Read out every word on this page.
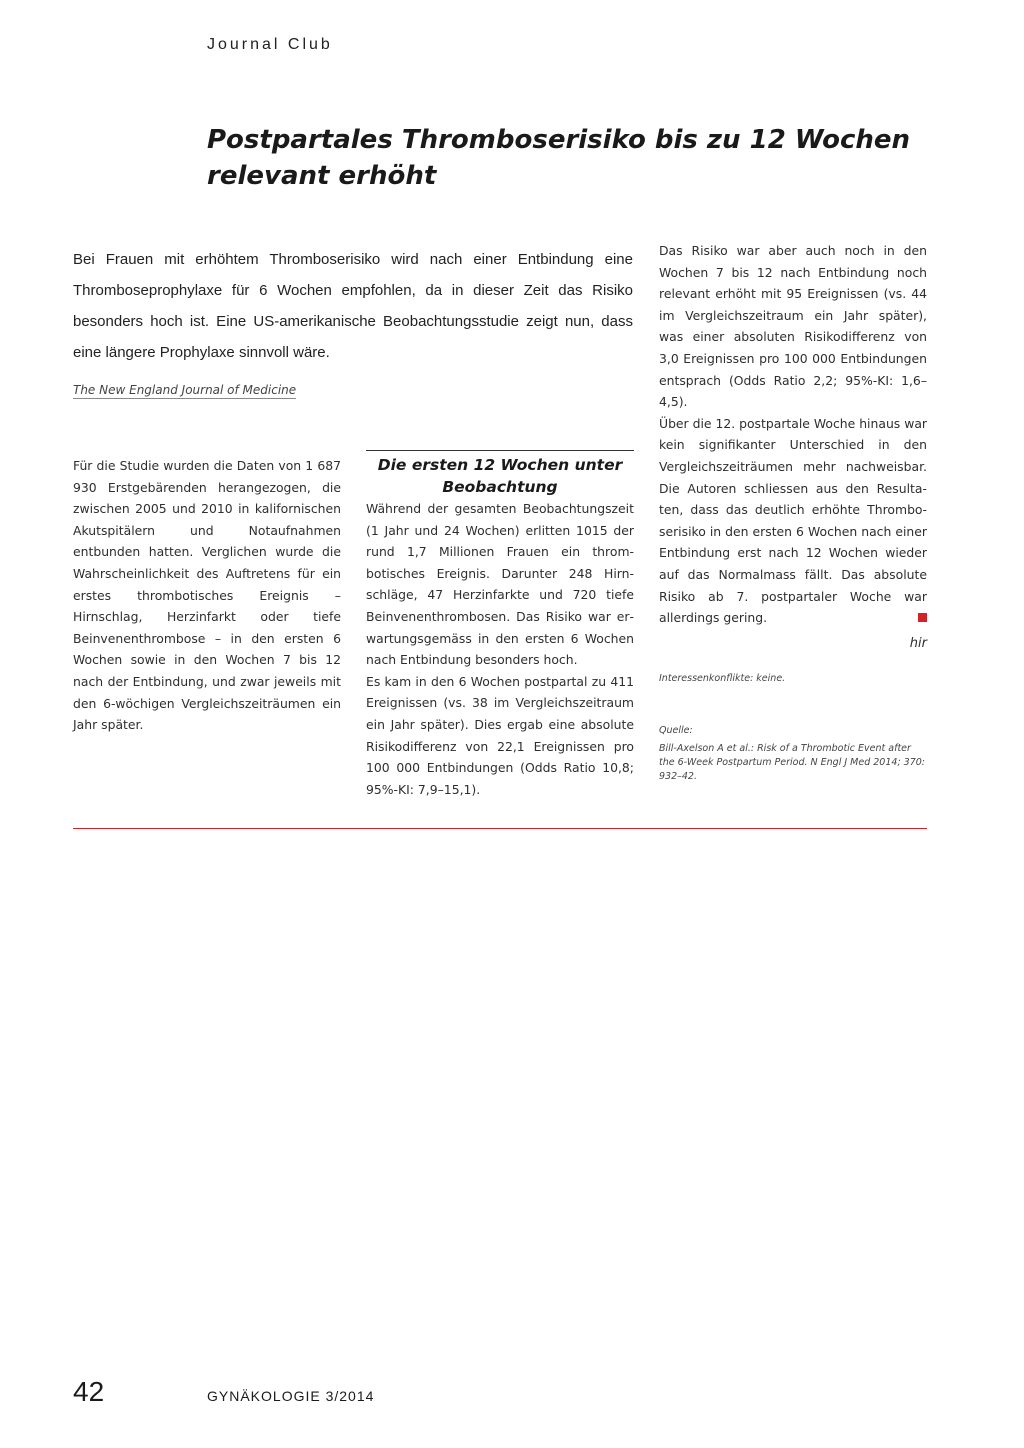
Journal Club
Postpartales Thromboserisiko bis zu 12 Wochen relevant erhöht

Bei Frauen mit erhöhtem Thromboserisiko wird nach einer Entbindung eine Thromboseprophylaxe für 6 Wochen empfohlen, da in dieser Zeit das Risiko besonders hoch ist. Eine US-amerikanische Beobachtungsstudie zeigt nun, dass eine längere Prophylaxe sinnvoll wäre.

The New England Journal of Medicine

Für die Studie wurden die Daten von 1 687 930 Erstgebärenden herangezogen, die zwischen 2005 und 2010 in kalifornischen Akutspitälern und Notaufnahmen entbunden hatten. Verglichen wurde die Wahrscheinlichkeit des Auftretens für ein erstes thrombotisches Ereignis – Hirnschlag, Herzinfarkt oder tiefe Beinvenenthrombose – in den ersten 6 Wochen sowie in den Wochen 7 bis 12 nach der Entbindung, und zwar jeweils mit den 6-wöchigen Vergleichszeiträumen ein Jahr später.

Die ersten 12 Wochen unter Beobachtung

Während der gesamten Beobachtungszeit (1 Jahr und 24 Wochen) erlitten 1015 der rund 1,7 Millionen Frauen ein thrombotisches Ereignis. Darunter 248 Hirnschläge, 47 Herzinfarkte und 720 tiefe Beinvenenthrombosen. Das Risiko war erwartungsgemäss in den ersten 6 Wochen nach Entbindung besonders hoch.

Es kam in den 6 Wochen postpartal zu 411 Ereignissen (vs. 38 im Vergleichszeitraum ein Jahr später). Dies ergab eine absolute Risikodifferenz von 22,1 Ereignissen pro 100 000 Entbindungen (Odds Ratio 10,8; 95%-KI: 7,9–15,1).

Das Risiko war aber auch noch in den Wochen 7 bis 12 nach Entbindung noch relevant erhöht mit 95 Ereignissen (vs. 44 im Vergleichszeitraum ein Jahr später), was einer absoluten Risikodifferenz von 3,0 Ereignissen pro 100 000 Entbindungen entsprach (Odds Ratio 2,2; 95%-KI: 1,6–4,5).

Über die 12. postpartale Woche hinaus war kein signifikanter Unterschied in den Vergleichszeiträumen mehr nachweisbar. Die Autoren schliessen aus den Resultaten, dass das deutlich erhöhte Thromboserisiko in den ersten 6 Wochen nach einer Entbindung erst nach 12 Wochen wieder auf das Normalmass fällt. Das absolute Risiko ab 7. postpartaler Woche war allerdings gering.

hir
Interessenkonflikte: keine.
Quelle:
Bill-Axelson A et al.: Risk of a Thrombotic Event after the 6-Week Postpartum Period. N Engl J Med 2014; 370: 932–42.
42	GYNÄKOLOGIE 3/2014
